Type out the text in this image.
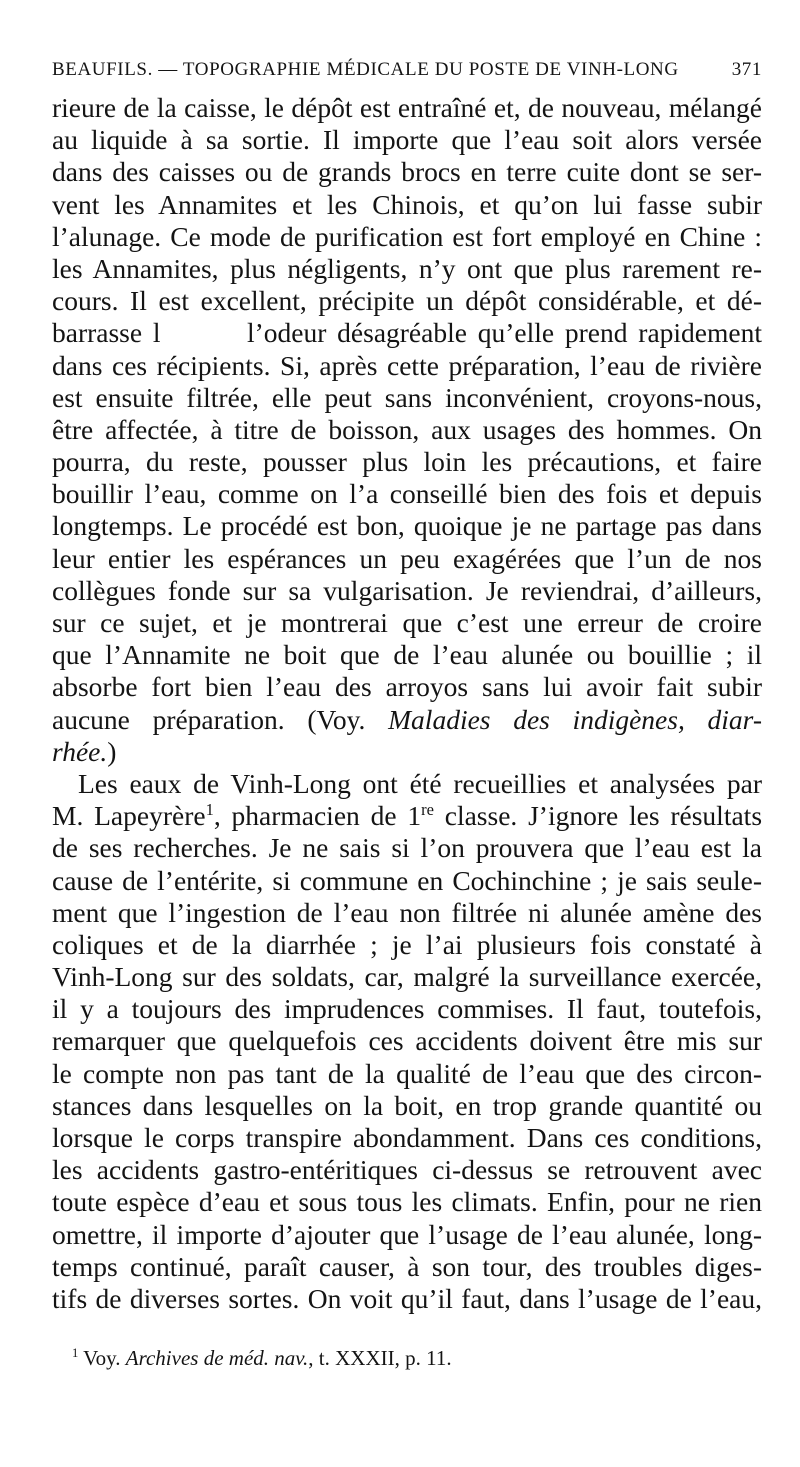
BEAUFILS. — TOPOGRAPHIE MÉDICALE DU POSTE DE VINH-LONG	371
rieure de la caisse, le dépôt est entraîné et, de nouveau, mélangé
au liquide à sa sortie. Il importe que l’eau soit alors versée
dans des caisses ou de grands brocs en terre cuite dont se ser-
vent les Annamites et les Chinois, et qu’on lui fasse subir
l’alunage. Ce mode de purification est fort employé en Chine :
les Annamites, plus négligents, n’y ont que plus rarement re-
cours. Il est excellent, précipite un dépôt considérable, et dé-
barrasse l        l’odeur désagréable qu’elle prend rapidement
dans ces récipients. Si, après cette préparation, l’eau de rivière
est ensuite filtrée, elle peut sans inconvénient, croyons-nous,
être affectée, à titre de boisson, aux usages des hommes. On
pourra, du reste, pousser plus loin les précautions, et faire
bouillir l’eau, comme on l’a conseillé bien des fois et depuis
longtemps. Le procédé est bon, quoique je ne partage pas dans
leur entier les espérances un peu exagérées que l’un de nos
collègues fonde sur sa vulgarisation. Je reviendrai, d’ailleurs,
sur ce sujet, et je montrerai que c’est une erreur de croire
que l’Annamite ne boit que de l’eau alunée ou bouillie ; il
absorbe fort bien l’eau des arroyos sans lui avoir fait subir
aucune préparation. (Voy. Maladies des indigènes, diar-
rhée.)
Les eaux de Vinh-Long ont été recueillies et analysées par
M. Lapeyrère$^1$, pharmacien de 1re classe. J’ignore les résultats
de ses recherches. Je ne sais si l’on prouvera que l’eau est la
cause de l’entérite, si commune en Cochinchine ; je sais seule-
ment que l’ingestion de l’eau non filtrée ni alunée amène des
coliques et de la diarrhée ; je l’ai plusieurs fois constaté à
Vinh-Long sur des soldats, car, malgré la surveillance exercée,
il y a toujours des imprudences commises. Il faut, toutefois,
remarquer que quelquefois ces accidents doivent être mis sur
le compte non pas tant de la qualité de l’eau que des circon-
stances dans lesquelles on la boit, en trop grande quantité ou
lorsque le corps transpire abondamment. Dans ces conditions,
les accidents gastro-entéritiques ci-dessus se retrouvent avec
toute espèce d’eau et sous tous les climats. Enfin, pour ne rien
omettre, il importe d’ajouter que l’usage de l’eau alunée, long-
temps continué, paraît causer, à son tour, des troubles diges-
tifs de diverses sortes. On voit qu’il faut, dans l’usage de l’eau,
$^1$ Voy. Archives de méd. nav., t. XXXII, p. 11.
